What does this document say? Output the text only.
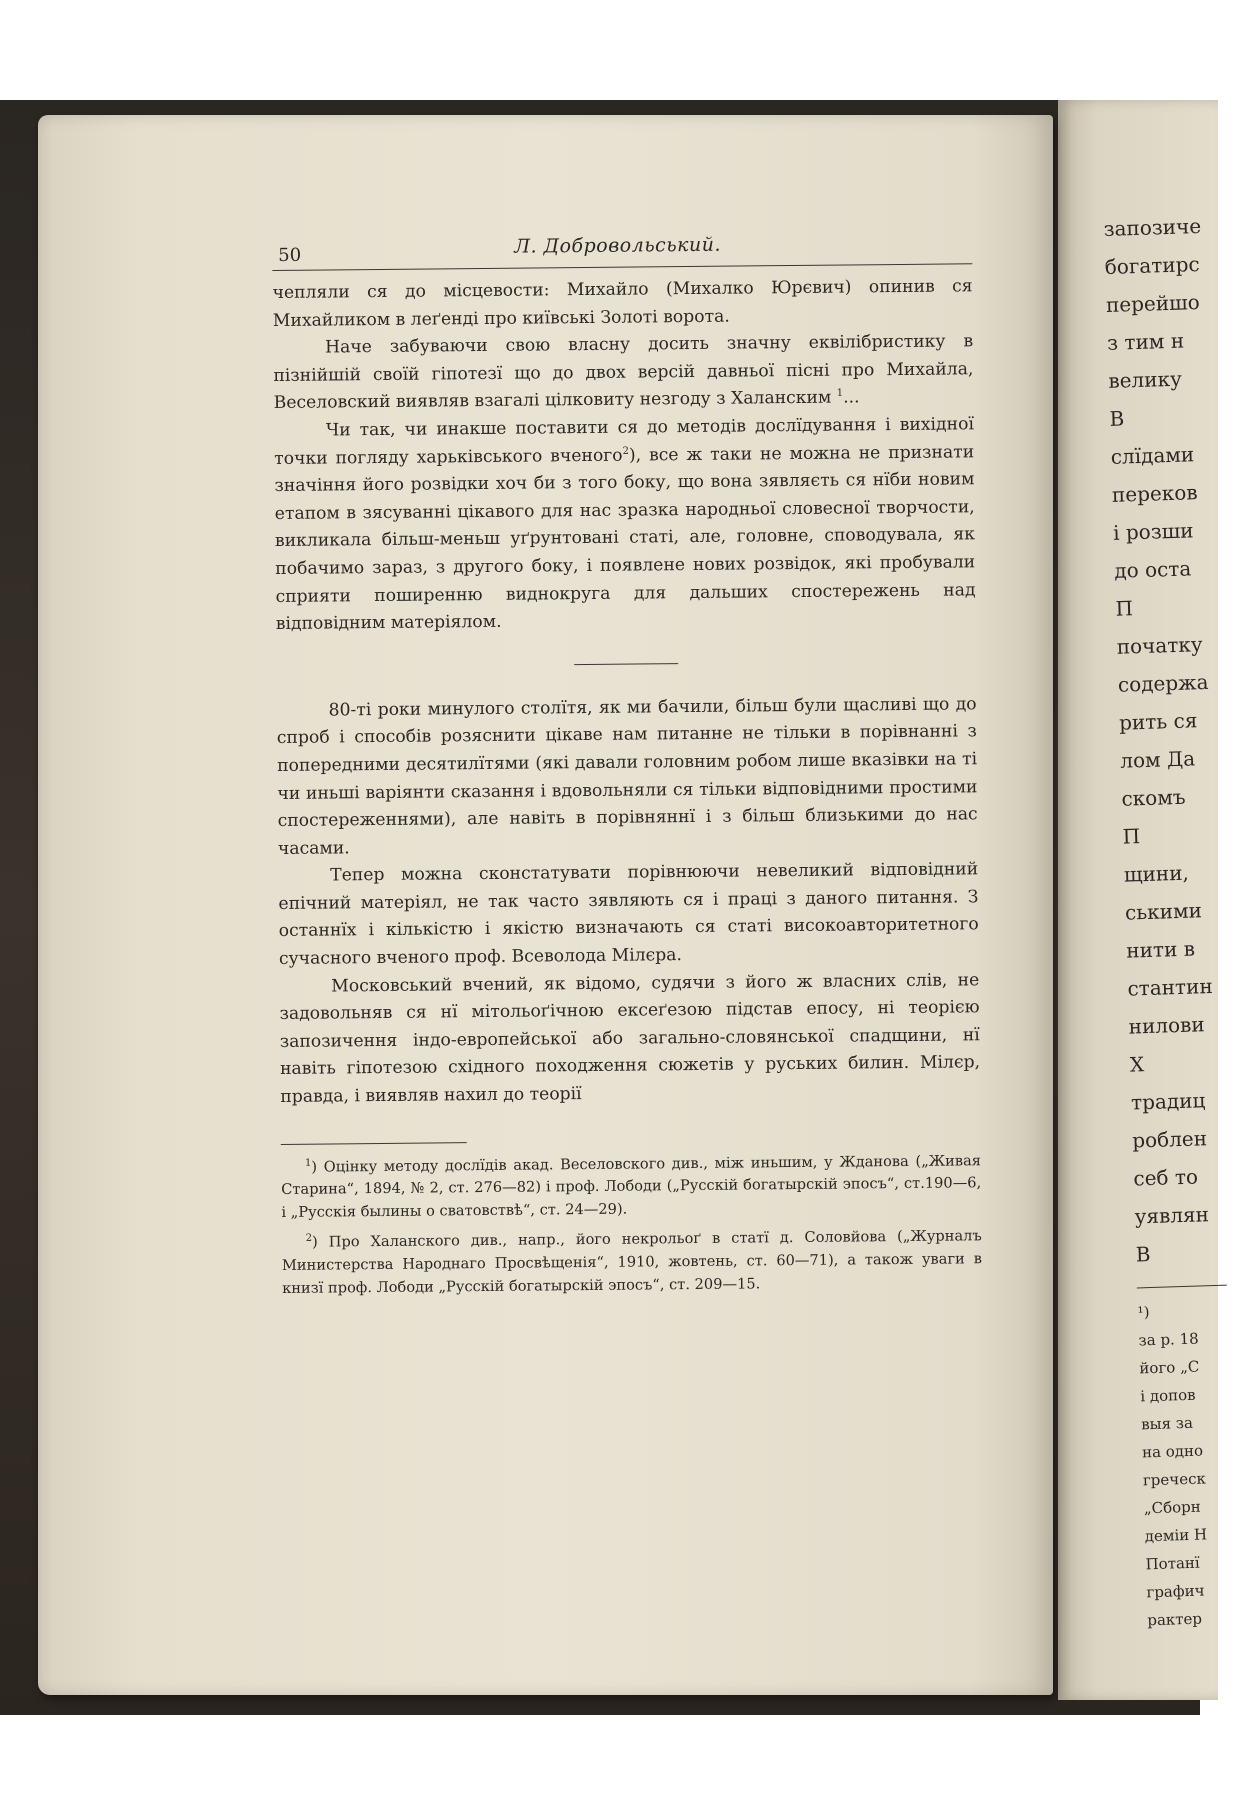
50	Л. Добровольський.

чепляли ся до місцевости: Михайло (Михалко Юрєвич) опинив ся Михайликом в леґенді про київські Золоті ворота.

Наче забуваючи свою власну досить значну еквілібристику в пізнійшій своїй гіпотезї що до двох версій давньої пісні про Михайла, Веселовский виявляв взагалі цілковиту незгоду з Халанским $^1$...

Чи так, чи инакше поставити ся до методів дослїдування і вихідної точки погляду харьківського вченого$^2$), все ж таки не можна не признати значіння його розвідки хоч би з того боку, що вона зявляєть ся нїби новим етапом в зясуванні цікавого для нас зразка народньої словесної творчости, викликала більш-меньш уґрунтовані статі, але, головне, споводувала, як побачимо зараз, з другого боку, і появлене нових розвідок, які пробували сприяти поширенню виднокруга для дальших спостережень над відповідним матеріялом.

80-ті роки минулого столїтя, як ми бачили, більш були щасливі що до спроб і способів розяснити цікаве нам питанне не тільки в порівнанні з попередними десятилїтями (які давали головним робом лише вказівки на ті чи иньші варіянти сказання і вдовольняли ся тільки відповідними простими спостереженнями), але навіть в порівняннї і з більш близькими до нас часами.

Тепер можна сконстатувати порівнюючи невеликий відповідний епічний матеріял, не так часто зявляють ся і праці з даного питання. З останнїх і кількістю і якістю визначають ся статі високоавторитетного сучасного вченого проф. Всеволода Мілєра.

Московський вчений, як відомо, судячи з його ж власних слів, не задовольняв ся нї мітольоґічною ексеґезою підстав епосу, ні теорією запозичення індо-европейської або загально-словянської спадщини, нї навіть гіпотезою східного походження сюжетів у руських билин. Мілєр, правда, і виявляв нахил до теорії

$^1$) Оцінку методу дослїдів акад. Веселовского див., між иньшим, у Жданова („Живая Старина“, 1894, № 2, ст. 276—82) і проф. Лободи („Русскій богатырскій эпосъ“, ст.190—6, і „Русскія былины о сватовствѣ“, ст. 24—29).

$^2$) Про Халанского див., напр., його некрольоґ в статї д. Соловйова („Журналъ Министерства Народнаго Просвѣщенія“, 1910, жовтень, ст. 60—71), а також уваги в книзї проф. Лободи „Русскій богатырскій эпосъ“, ст. 209—15.

запозиче
богатирс
перейшо
з тим н
велику
В
слїдами
переков
і розши
до оста
П
початку
содержа
рить ся
лом Да
скомъ
П
щини,
ськими
нити в
стантин
нилови
Х
традиц
роблен
себ то
уявлян
В
¹)
за р. 18
його „С
і допов
выя за
на одно
греческ
„Сборн
деміи Н
Потанї
графич
рактер
